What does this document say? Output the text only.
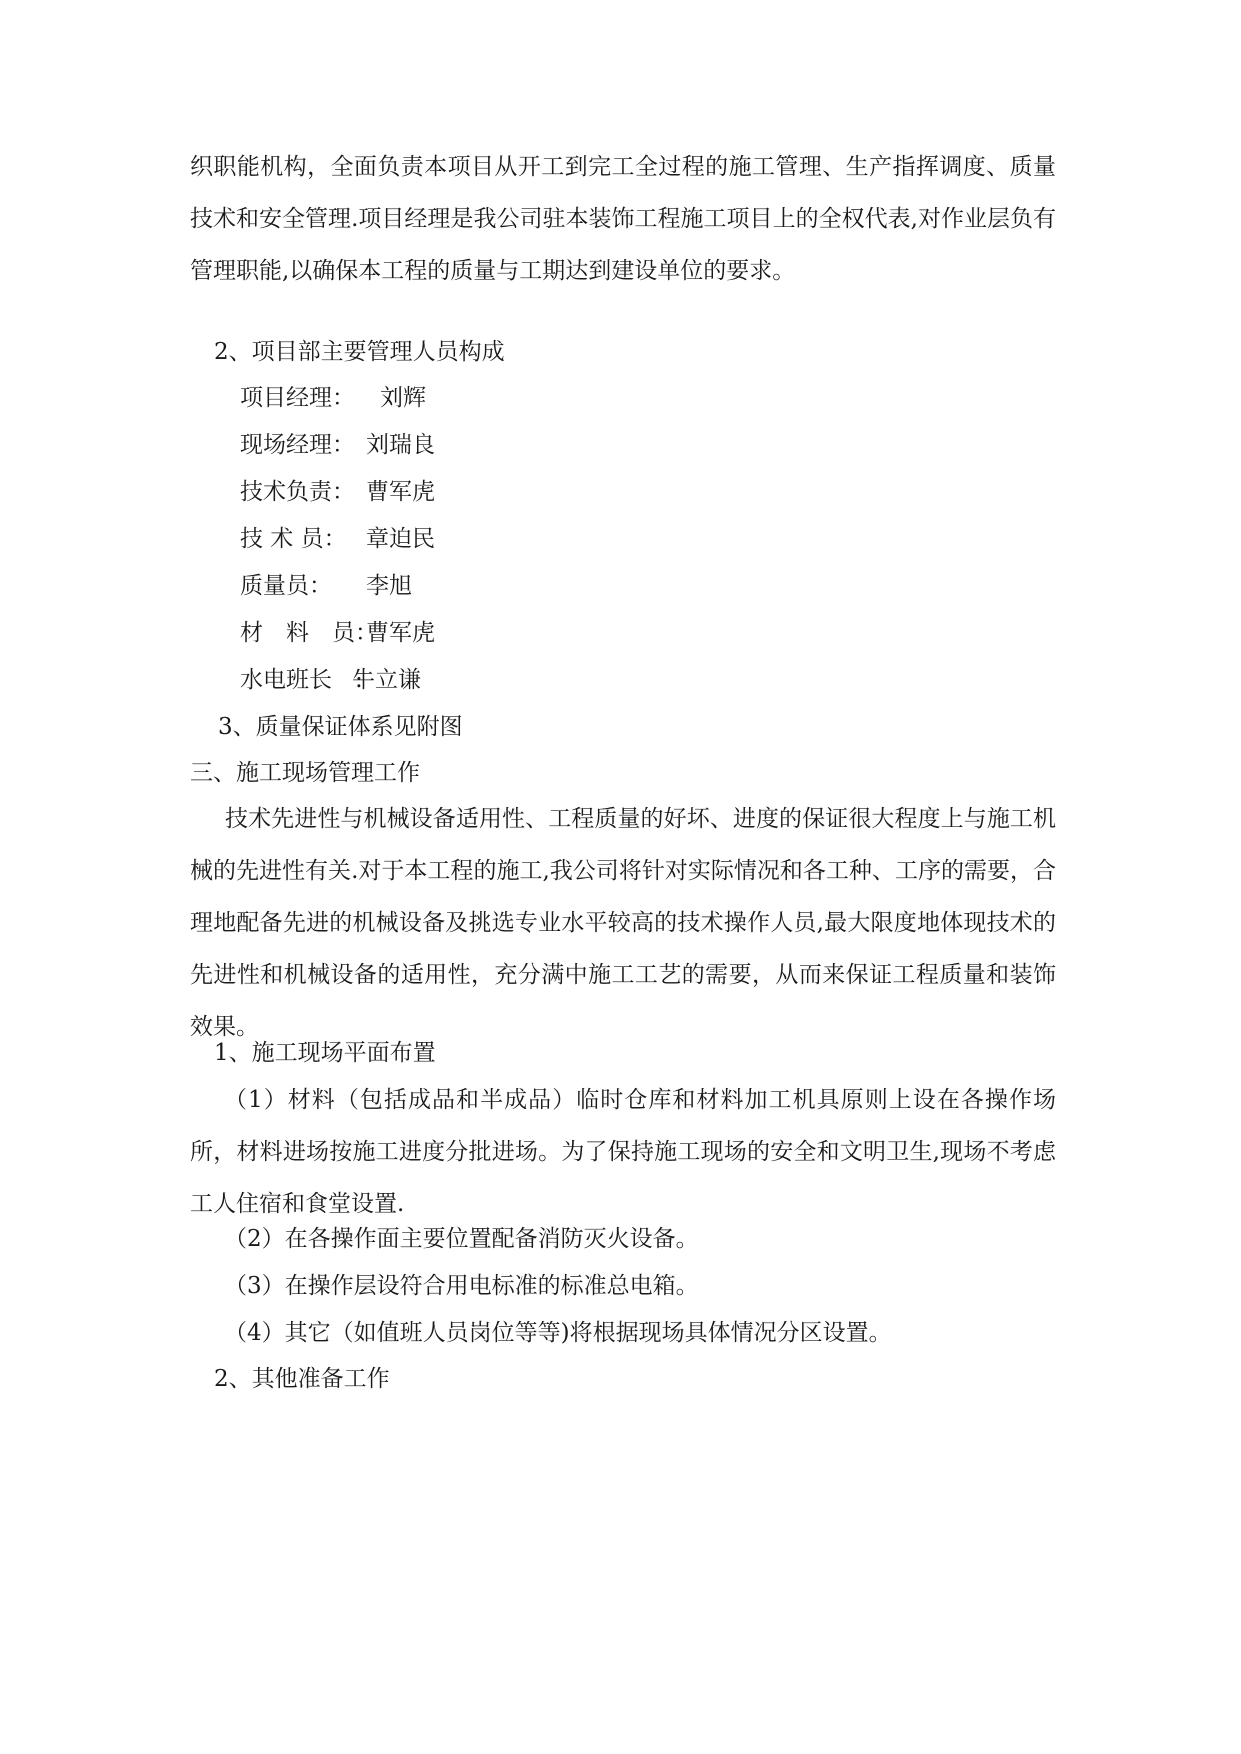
织职能机构，全面负责本项目从开工到完工全过程的施工管理、生产指挥调度、质量技术和安全管理.项目经理是我公司驻本装饰工程施工项目上的全权代表,对作业层负有管理职能,以确保本工程的质量与工期达到建设单位的要求。

2、项目部主要管理人员构成

项目经理： 刘辉
现场经理： 刘瑞良
技术负责： 曹军虎
技 术 员： 章迫民
质量员： 李旭
材　料　员：
曹军虎
水电班长　:
牛立谦

3、质量保证体系见附图

三、施工现场管理工作

技术先进性与机械设备适用性、工程质量的好坏、进度的保证很大程度上与施工机械的先进性有关.对于本工程的施工,我公司将针对实际情况和各工种、工序的需要，合理地配备先进的机械设备及挑选专业水平较高的技术操作人员,最大限度地体现技术的先进性和机械设备的适用性，充分满中施工工艺的需要，从而来保证工程质量和装饰效果。

1、施工现场平面布置

（1）材料（包括成品和半成品）临时仓库和材料加工机具原则上设在各操作场所，材料进场按施工进度分批进场。为了保持施工现场的安全和文明卫生,现场不考虑工人住宿和食堂设置.

（2）在各操作面主要位置配备消防灭火设备。

（3）在操作层设符合用电标准的标准总电箱。

（4）其它（如值班人员岗位等等)将根据现场具体情况分区设置。

2、其他准备工作
